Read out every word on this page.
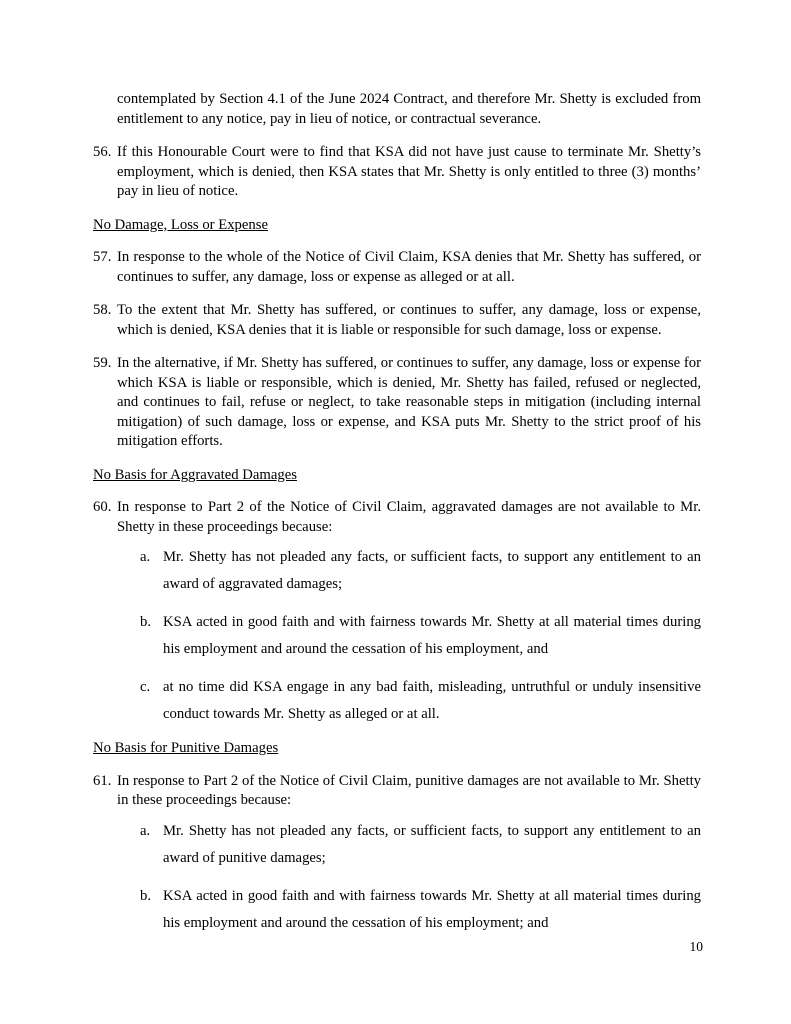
contemplated by Section 4.1 of the June 2024 Contract, and therefore Mr. Shetty is excluded from entitlement to any notice, pay in lieu of notice, or contractual severance.
56. If this Honourable Court were to find that KSA did not have just cause to terminate Mr. Shetty’s employment, which is denied, then KSA states that Mr. Shetty is only entitled to three (3) months’ pay in lieu of notice.
No Damage, Loss or Expense
57. In response to the whole of the Notice of Civil Claim, KSA denies that Mr. Shetty has suffered, or continues to suffer, any damage, loss or expense as alleged or at all.
58. To the extent that Mr. Shetty has suffered, or continues to suffer, any damage, loss or expense, which is denied, KSA denies that it is liable or responsible for such damage, loss or expense.
59. In the alternative, if Mr. Shetty has suffered, or continues to suffer, any damage, loss or expense for which KSA is liable or responsible, which is denied, Mr. Shetty has failed, refused or neglected, and continues to fail, refuse or neglect, to take reasonable steps in mitigation (including internal mitigation) of such damage, loss or expense, and KSA puts Mr. Shetty to the strict proof of his mitigation efforts.
No Basis for Aggravated Damages
60. In response to Part 2 of the Notice of Civil Claim, aggravated damages are not available to Mr. Shetty in these proceedings because:
a. Mr. Shetty has not pleaded any facts, or sufficient facts, to support any entitlement to an award of aggravated damages;
b. KSA acted in good faith and with fairness towards Mr. Shetty at all material times during his employment and around the cessation of his employment, and
c. at no time did KSA engage in any bad faith, misleading, untruthful or unduly insensitive conduct towards Mr. Shetty as alleged or at all.
No Basis for Punitive Damages
61. In response to Part 2 of the Notice of Civil Claim, punitive damages are not available to Mr. Shetty in these proceedings because:
a. Mr. Shetty has not pleaded any facts, or sufficient facts, to support any entitlement to an award of punitive damages;
b. KSA acted in good faith and with fairness towards Mr. Shetty at all material times during his employment and around the cessation of his employment; and
10
